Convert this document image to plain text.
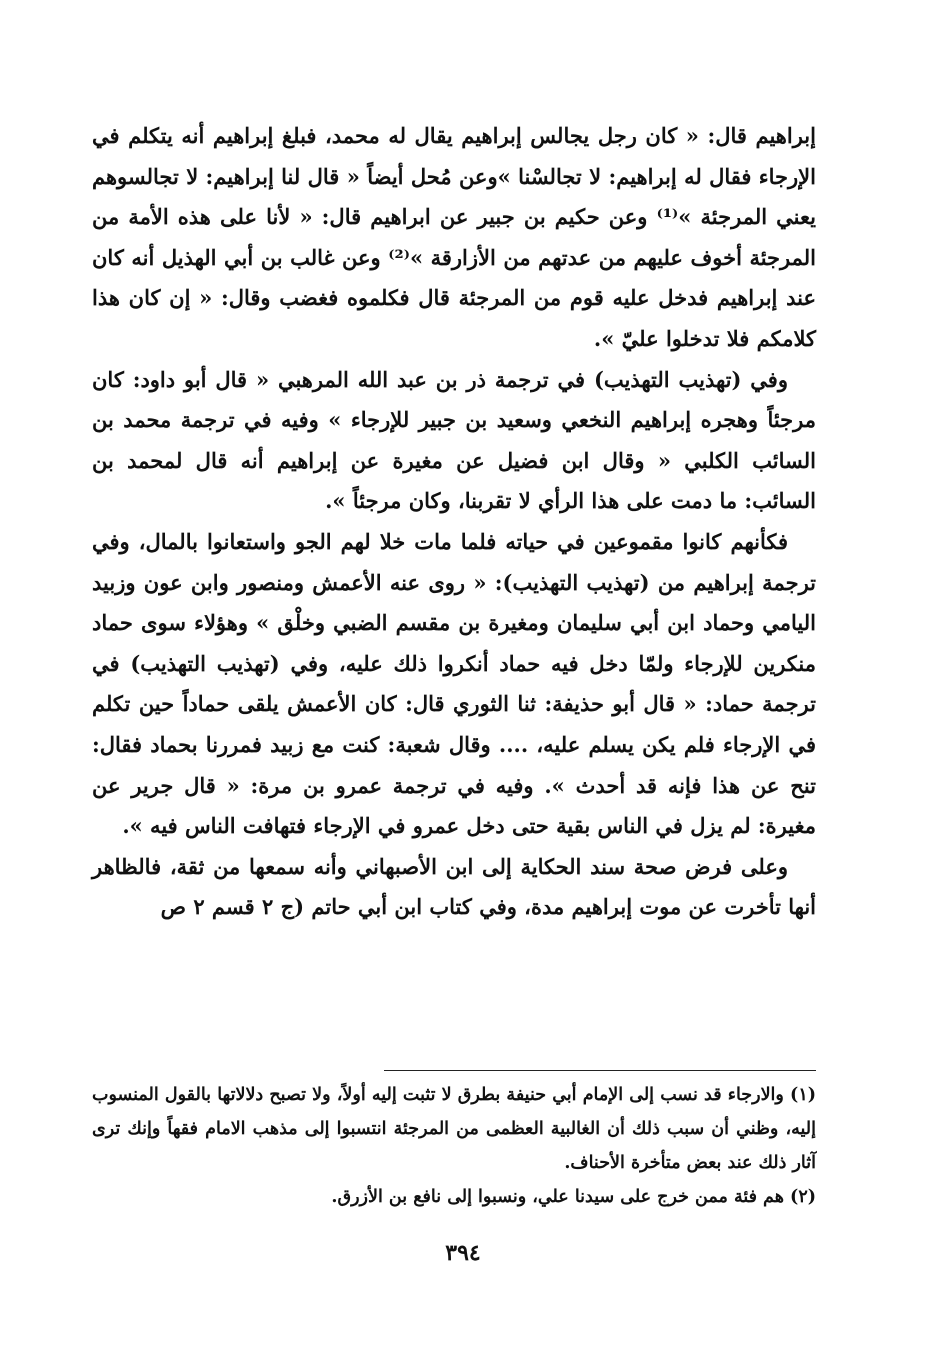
إبراهيم قال: « كان رجل يجالس إبراهيم يقال له محمد، فبلغ إبراهيم أنه يتكلم في الإرجاء فقال له إبراهيم: لا تجالسْنا »وعن مُحل أيضاً « قال لنا إبراهيم: لا تجالسوهم يعني المرجئة »⁽¹⁾ وعن حكيم بن جبير عن ابراهيم قال: « لأنا على هذه الأمة من المرجئة أخوف عليهم من عدتهم من الأزارقة »⁽²⁾ وعن غالب بن أبي الهذيل أنه كان عند إبراهيم فدخل عليه قوم من المرجئة قال فكلموه فغضب وقال: « إن كان هذا كلامكم فلا تدخلوا عليّ ».

وفي (تهذيب التهذيب) في ترجمة ذر بن عبد الله المرهبي « قال أبو داود: كان مرجئاً وهجره إبراهيم النخعي وسعيد بن جبير للإرجاء » وفيه في ترجمة محمد بن السائب الكلبي « وقال ابن فضيل عن مغيرة عن إبراهيم أنه قال لمحمد بن السائب: ما دمت على هذا الرأي لا تقربنا، وكان مرجئاً ».

فكأنهم كانوا مقموعين في حياته فلما مات خلا لهم الجو واستعانوا بالمال، وفي ترجمة إبراهيم من (تهذيب التهذيب): « روى عنه الأعمش ومنصور وابن عون وزبيد اليامي وحماد ابن أبي سليمان ومغيرة بن مقسم الضبي وخلْق » وهؤلاء سوى حماد منكرين للإرجاء ولمّا دخل فيه حماد أنكروا ذلك عليه، وفي (تهذيب التهذيب) في ترجمة حماد: « قال أبو حذيفة: ثنا الثوري قال: كان الأعمش يلقى حماداً حين تكلم في الإرجاء فلم يكن يسلم عليه، .... وقال شعبة: كنت مع زبيد فمررنا بحماد فقال: تنح عن هذا فإنه قد أحدث ». وفيه في ترجمة عمرو بن مرة: « قال جرير عن مغيرة: لم يزل في الناس بقية حتى دخل عمرو في الإرجاء فتهافت الناس فيه ».

وعلى فرض صحة سند الحكاية إلى ابن الأصبهاني وأنه سمعها من ثقة، فالظاهر أنها تأخرت عن موت إبراهيم مدة، وفي كتاب ابن أبي حاتم (ج ٢ قسم ٢ ص

(١) والارجاء قد نسب إلى الإمام أبي حنيفة بطرق لا تثبت إليه أولاً، ولا تصبح دلالاتها بالقول المنسوب إليه، وظني أن سبب ذلك أن الغالبية العظمى من المرجئة انتسبوا إلى مذهب الامام فقهاً وإنك ترى آثار ذلك عند بعض متأخرة الأحناف.

(٢) هم فئة ممن خرج على سيدنا علي، ونسبوا إلى نافع بن الأزرق.

٣٩٤
